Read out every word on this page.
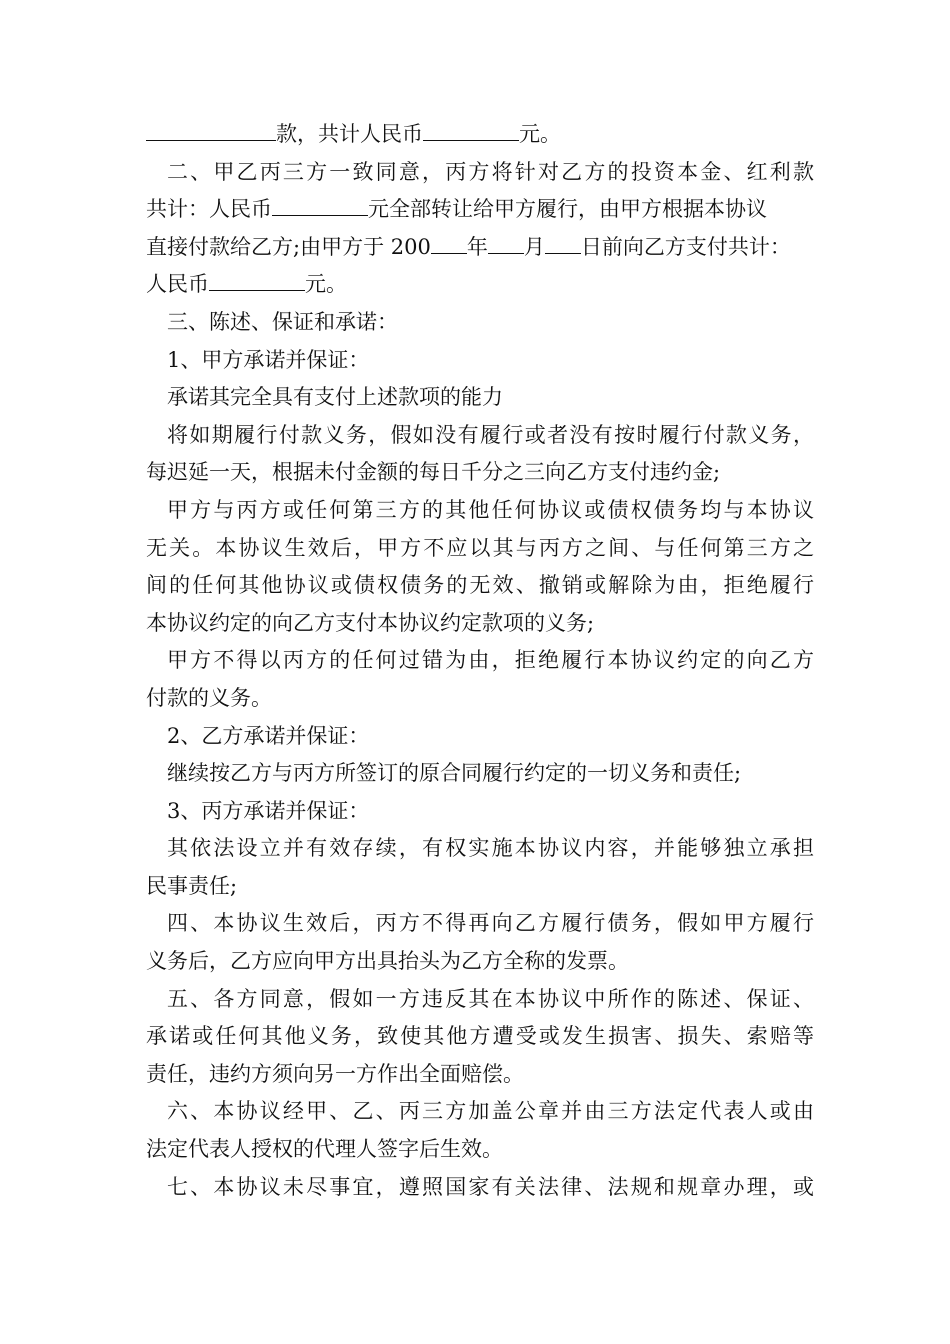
款，共计人民币	元。
二、甲乙丙三方一致同意，丙方将针对乙方的投资本金、红利款
共计：人民币	元全部转让给甲方履行，由甲方根据本协议
直接付款给乙方;由甲方于 200 年 月 日前向乙方支付共计：
人民币	元。
三、陈述、保证和承诺：
1、甲方承诺并保证：
承诺其完全具有支付上述款项的能力
将如期履行付款义务，假如没有履行或者没有按时履行付款义务，
每迟延一天，根据未付金额的每日千分之三向乙方支付违约金;
甲方与丙方或任何第三方的其他任何协议或债权债务均与本协议
无关。本协议生效后，甲方不应以其与丙方之间、与任何第三方之
间的任何其他协议或债权债务的无效、撤销或解除为由，拒绝履行
本协议约定的向乙方支付本协议约定款项的义务;
甲方不得以丙方的任何过错为由，拒绝履行本协议约定的向乙方
付款的义务。
2、乙方承诺并保证：
继续按乙方与丙方所签订的原合同履行约定的一切义务和责任;
3、丙方承诺并保证：
其依法设立并有效存续，有权实施本协议内容，并能够独立承担
民事责任;
四、本协议生效后，丙方不得再向乙方履行债务，假如甲方履行
义务后，乙方应向甲方出具抬头为乙方全称的发票。
五、各方同意，假如一方违反其在本协议中所作的陈述、保证、
承诺或任何其他义务，致使其他方遭受或发生损害、损失、索赔等
责任，违约方须向另一方作出全面赔偿。
六、本协议经甲、乙、丙三方加盖公章并由三方法定代表人或由
法定代表人授权的代理人签字后生效。
七、本协议未尽事宜，遵照国家有关法律、法规和规章办理，或
